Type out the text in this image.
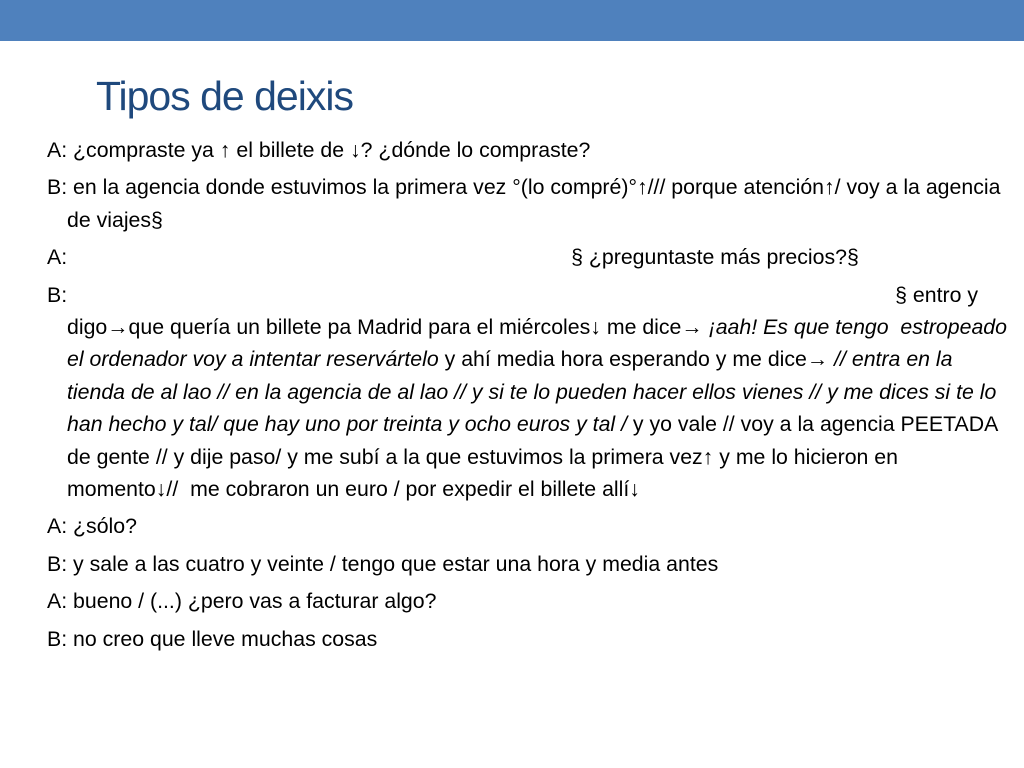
Tipos de deixis

A: ¿compraste ya ↑ el billete de ↓? ¿dónde lo compraste?

B: en la agencia donde estuvimos la primera vez °(lo compré)°↑/// porque atención↑/ voy a la agencia de viajes§

A:	§ ¿preguntaste más precios?§

B:	§ entro y digo→que quería un billete pa Madrid para el miércoles↓ me dice→ ¡aah! Es que tengo  estropeado el ordenador voy a intentar reservártelo y ahí media hora esperando y me dice→ // entra en la tienda de al lao // en la agencia de al lao // y si te lo pueden hacer ellos vienes // y me dices si te lo han hecho y tal/ que hay uno por treinta y ocho euros y tal / y yo vale // voy a la agencia PEETADA de gente // y dije paso/ y me subí a la que estuvimos la primera vez↑ y me lo hicieron en momento↓//  me cobraron un euro / por expedir el billete allí↓

A: ¿sólo?

B: y sale a las cuatro y veinte / tengo que estar una hora y media antes

A: bueno / (...) ¿pero vas a facturar algo?

B: no creo que lleve muchas cosas
